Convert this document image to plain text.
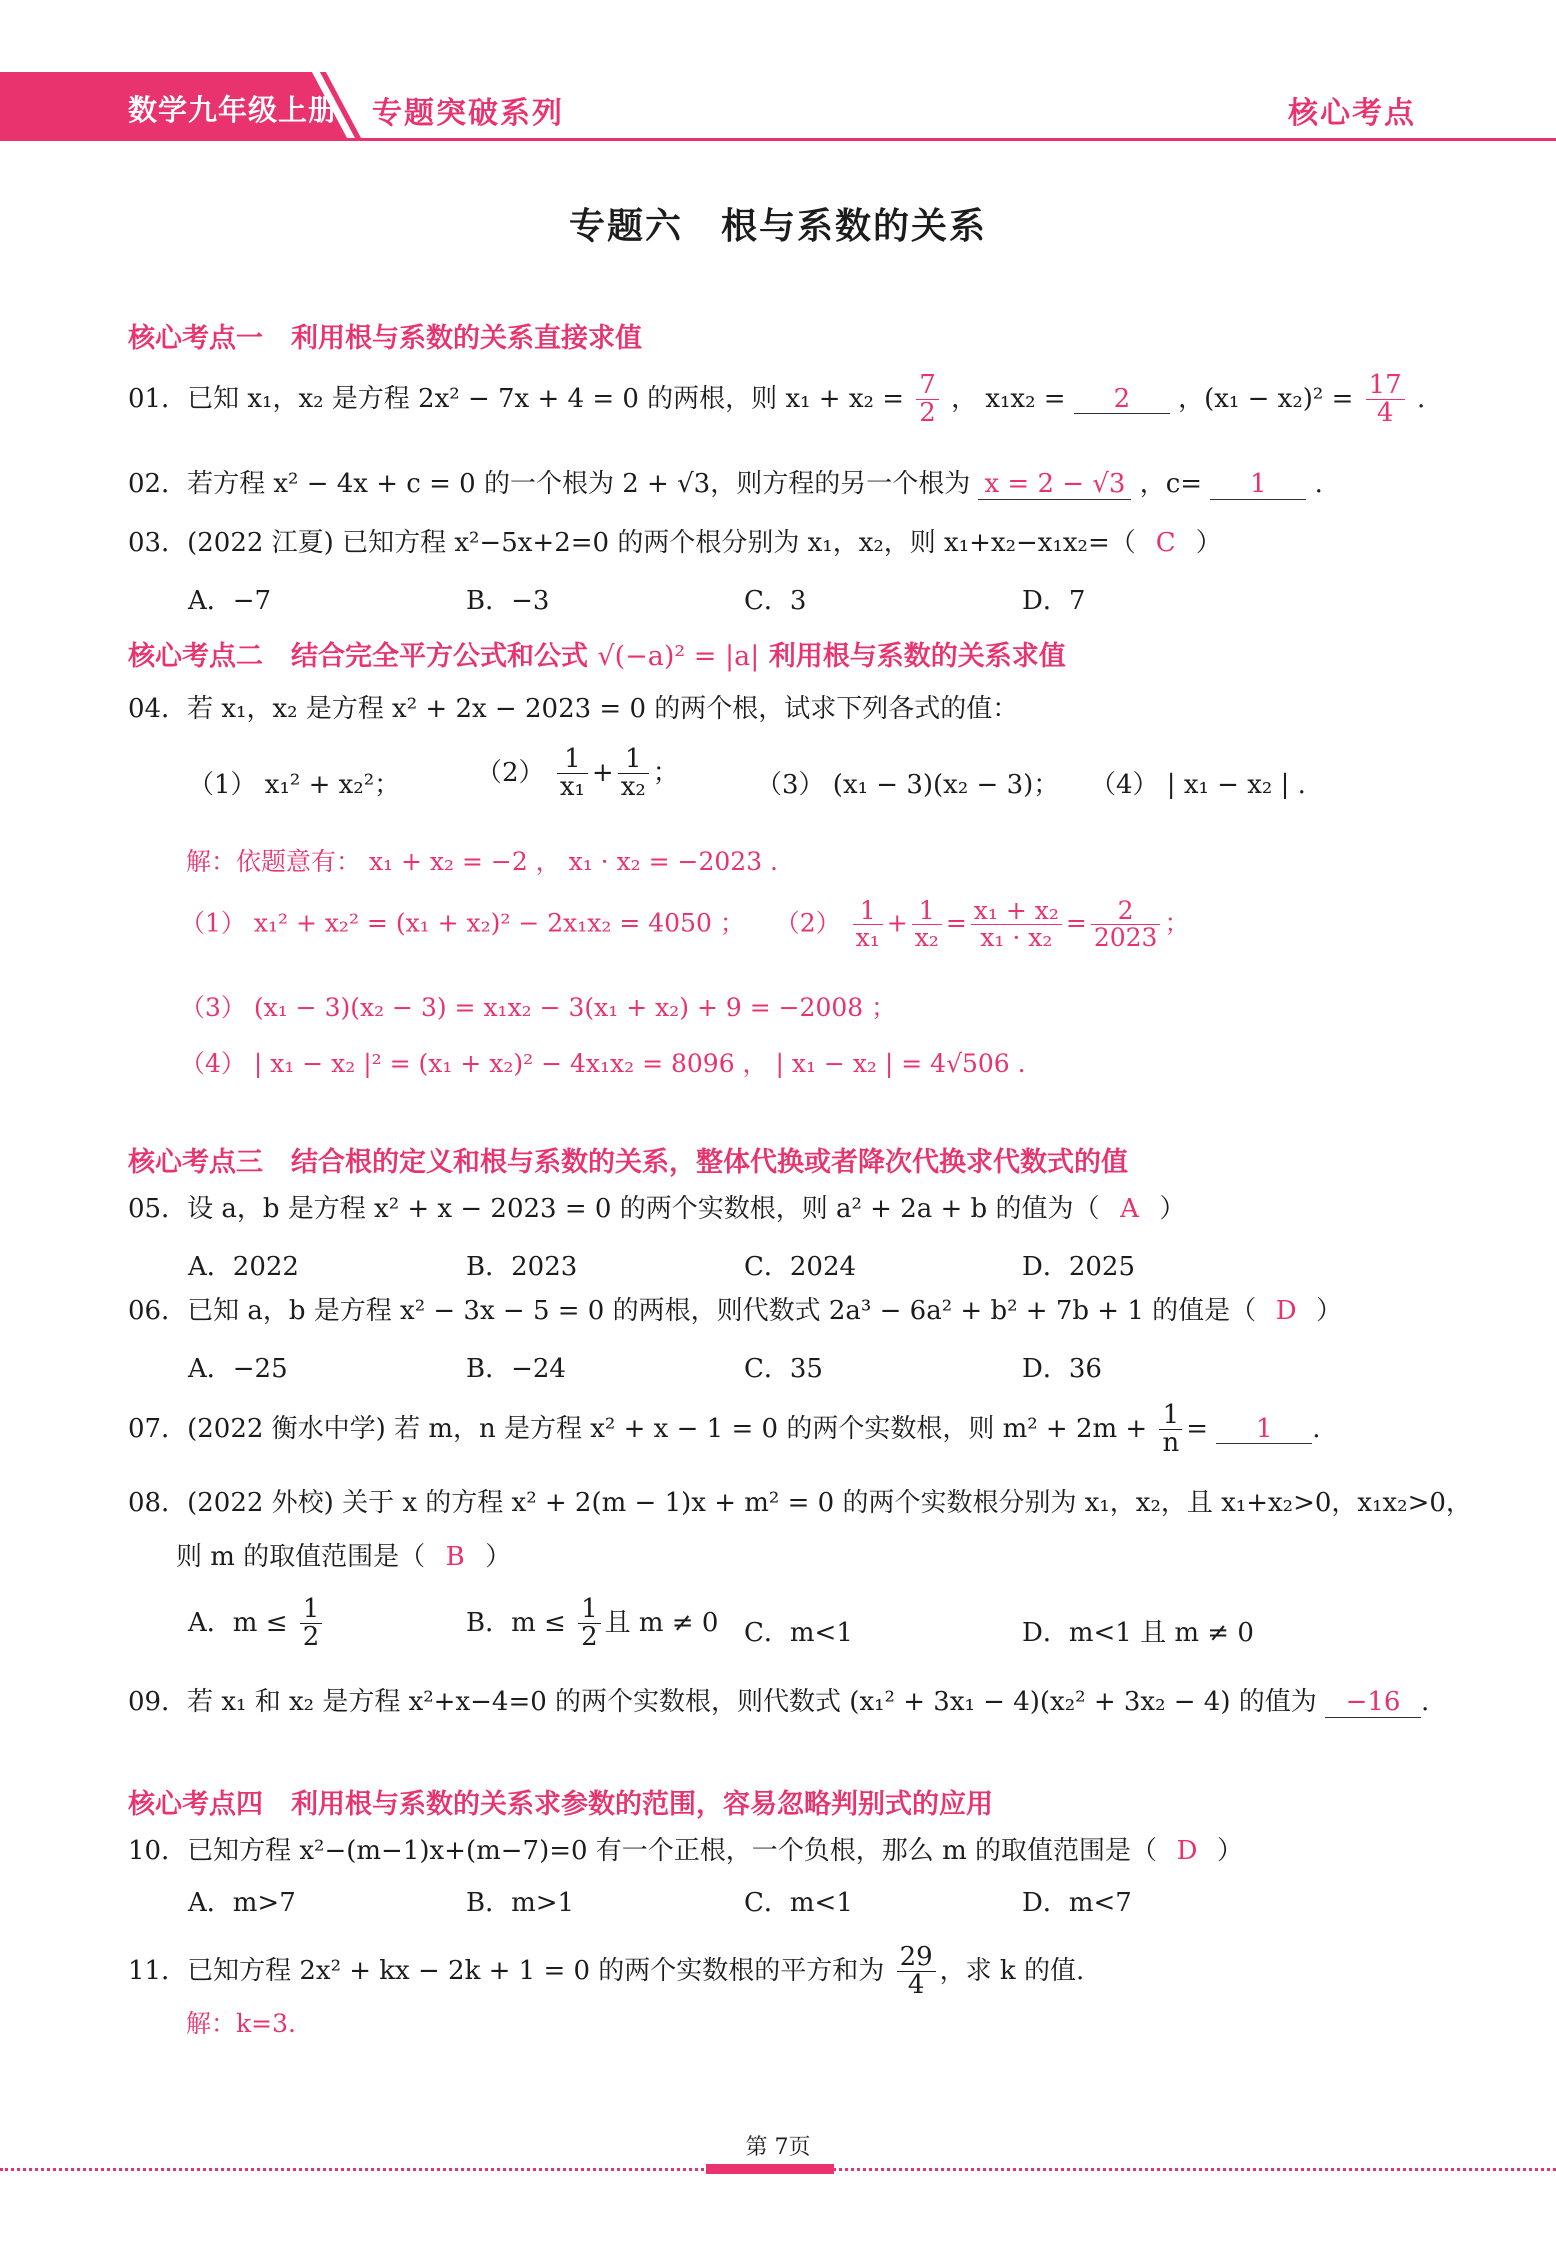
数学九年级上册 专题突破系列	核心考点
专题六　根与系数的关系
核心考点一 利用根与系数的关系直接求值
01．已知 x₁，x₂ 是方程 2x² − 7x + 4 = 0 的两根，则 $x_1 + x_2 = \frac{7}{2}$ ， x₁x₂ = 2 ，$(x_1 - x_2)^2 = \frac{17}{4}$ .
02．若方程 x² − 4x + c = 0 的一个根为 2 + √3，则方程的另一个根为 x = 2 − √3 ，c= 1 .
03．(2022 江夏) 已知方程 x²−5x+2=0 的两个根分别为 x₁，x₂，则 x₁+x₂−x₁x₂=（ C ）
A．−7	B．−3	C．3	D．7
核心考点二 结合完全平方公式和公式 √(−a)² = |a| 利用根与系数的关系求值
04．若 x₁，x₂ 是方程 x² + 2x − 2023 = 0 的两个根，试求下列各式的值：
（1） x₁² + x₂²；	$(2) \frac{1}{\text{x₁}} + \frac{1}{\text{x₂}}$ ；	（3） (x₁ − 3)(x₂ − 3)； （4） | x₁ − x₂ | .
解：依题意有： x₁ + x₂ = −2 ， x₁ · x₂ = −2023 .
（1） x₁² + x₂² = (x₁ + x₂)² − 2x₁x₂ = 4050 ； $(2) \frac{1}{\text{x₁}} + \frac{1}{\text{x₂}} = \frac{\text{x₁ + x₂}}{\text{x₁ · x₂}} = \frac{2}{2023}$ ；
（3） (x₁ − 3)(x₂ − 3) = x₁x₂ − 3(x₁ + x₂) + 9 = −2008 ；
（4） | x₁ − x₂ |² = (x₁ + x₂)² − 4x₁x₂ = 8096 ， | x₁ − x₂ | = 4√506 .
核心考点三 结合根的定义和根与系数的关系，整体代换或者降次代换求代数式的值
05．设 a，b 是方程 x² + x − 2023 = 0 的两个实数根，则 a² + 2a + b 的值为（ A ）
A．2022	B．2023	C．2024	D．2025
06．已知 a，b 是方程 x² − 3x − 5 = 0 的两根，则代数式 2a³ − 6a² + b² + 7b + 1 的值是（ D ）
A．−25	B．−24	C．35	D．36
07．(2022 衡水中学) 若 m，n 是方程 x² + x − 1 = 0 的两个实数根，则 $m^2 + 2m + \frac{1}{n} = 1$ .
08．(2022 外校) 关于 x 的方程 x² + 2(m − 1)x + m² = 0 的两个实数根分别为 x₁，x₂，且 x₁+x₂>0，x₁x₂>0，
则 m 的取值范围是（ B ）
A．$m \le \frac{1}{2}$	B．$m \le \frac{1}{2}$ 且 m ≠ 0 C．m<1	D．m<1 且 m ≠ 0
09．若 x₁ 和 x₂ 是方程 x²+x−4=0 的两个实数根，则代数式 (x₁² + 3x₁ − 4)(x₂² + 3x₂ − 4) 的值为 −16 .
核心考点四 利用根与系数的关系求参数的范围，容易忽略判别式的应用
10．已知方程 x²−(m−1)x+(m−7)=0 有一个正根，一个负根，那么 m 的取值范围是（ D ）
A．m>7	B．m>1	C．m<1	D．m<7
11．已知方程 2x² + kx − 2k + 1 = 0 的两个实数根的平方和为 $\frac{29}{4}$ ，求 k 的值.
解：k=3.
第 7页
